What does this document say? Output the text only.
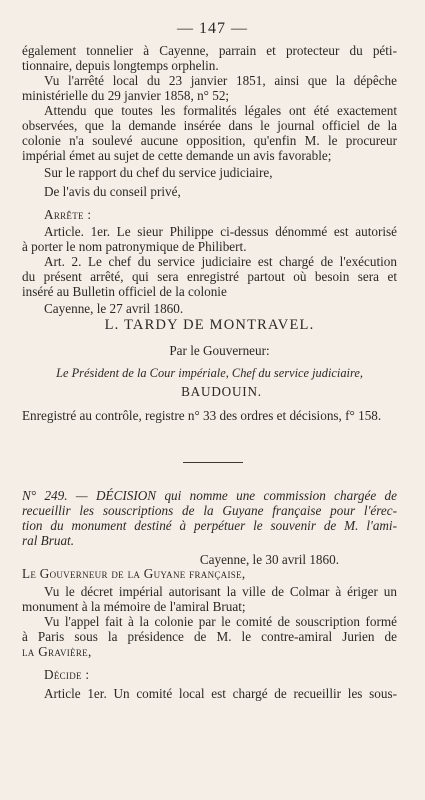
— 147 —
également tonnelier à Cayenne, parrain et protecteur du péti-
tionnaire, depuis longtemps orphelin.
Vu l'arrêté local du 23 janvier 1851, ainsi que la dépêche
ministérielle du 29 janvier 1858, n° 52;
Attendu que toutes les formalités légales ont été exactement
observées, que la demande insérée dans le journal officiel de la
colonie n'a soulevé aucune opposition, qu'enfin M. le procureur
impérial émet au sujet de cette demande un avis favorable;
Sur le rapport du chef du service judiciaire,
De l'avis du conseil privé,
Arrête :
Article. 1er. Le sieur Philippe ci-dessus dénommé est autorisé
à porter le nom patronymique de Philibert.
Art. 2. Le chef du service judiciaire est chargé de l'exécution
du présent arrêté, qui sera enregistré partout où besoin sera et
inséré au Bulletin officiel de la colonie
Cayenne, le 27 avril 1860.
L. TARDY DE MONTRAVEL.
Par le Gouverneur:
Le Président de la Cour impériale, Chef du service judiciaire,
BAUDOUIN.
Enregistré au contrôle, registre n° 33 des ordres et décisions, f° 158.
N° 249. — DÉCISION qui nomme une commission chargée de
recueillir les souscriptions de la Guyane française pour l'érec-
tion du monument destiné à perpétuer le souvenir de M. l'ami-
ral Bruat.
Cayenne, le 30 avril 1860.
Le Gouverneur de la Guyane française,
Vu le décret impérial autorisant la ville de Colmar à ériger un
monument à la mémoire de l'amiral Bruat;
Vu l'appel fait à la colonie par le comité de souscription formé
à Paris sous la présidence de M. le contre-amiral Jurien de
la Gravière,
Décide :
Article 1er. Un comité local est chargé de recueillir les sous-
